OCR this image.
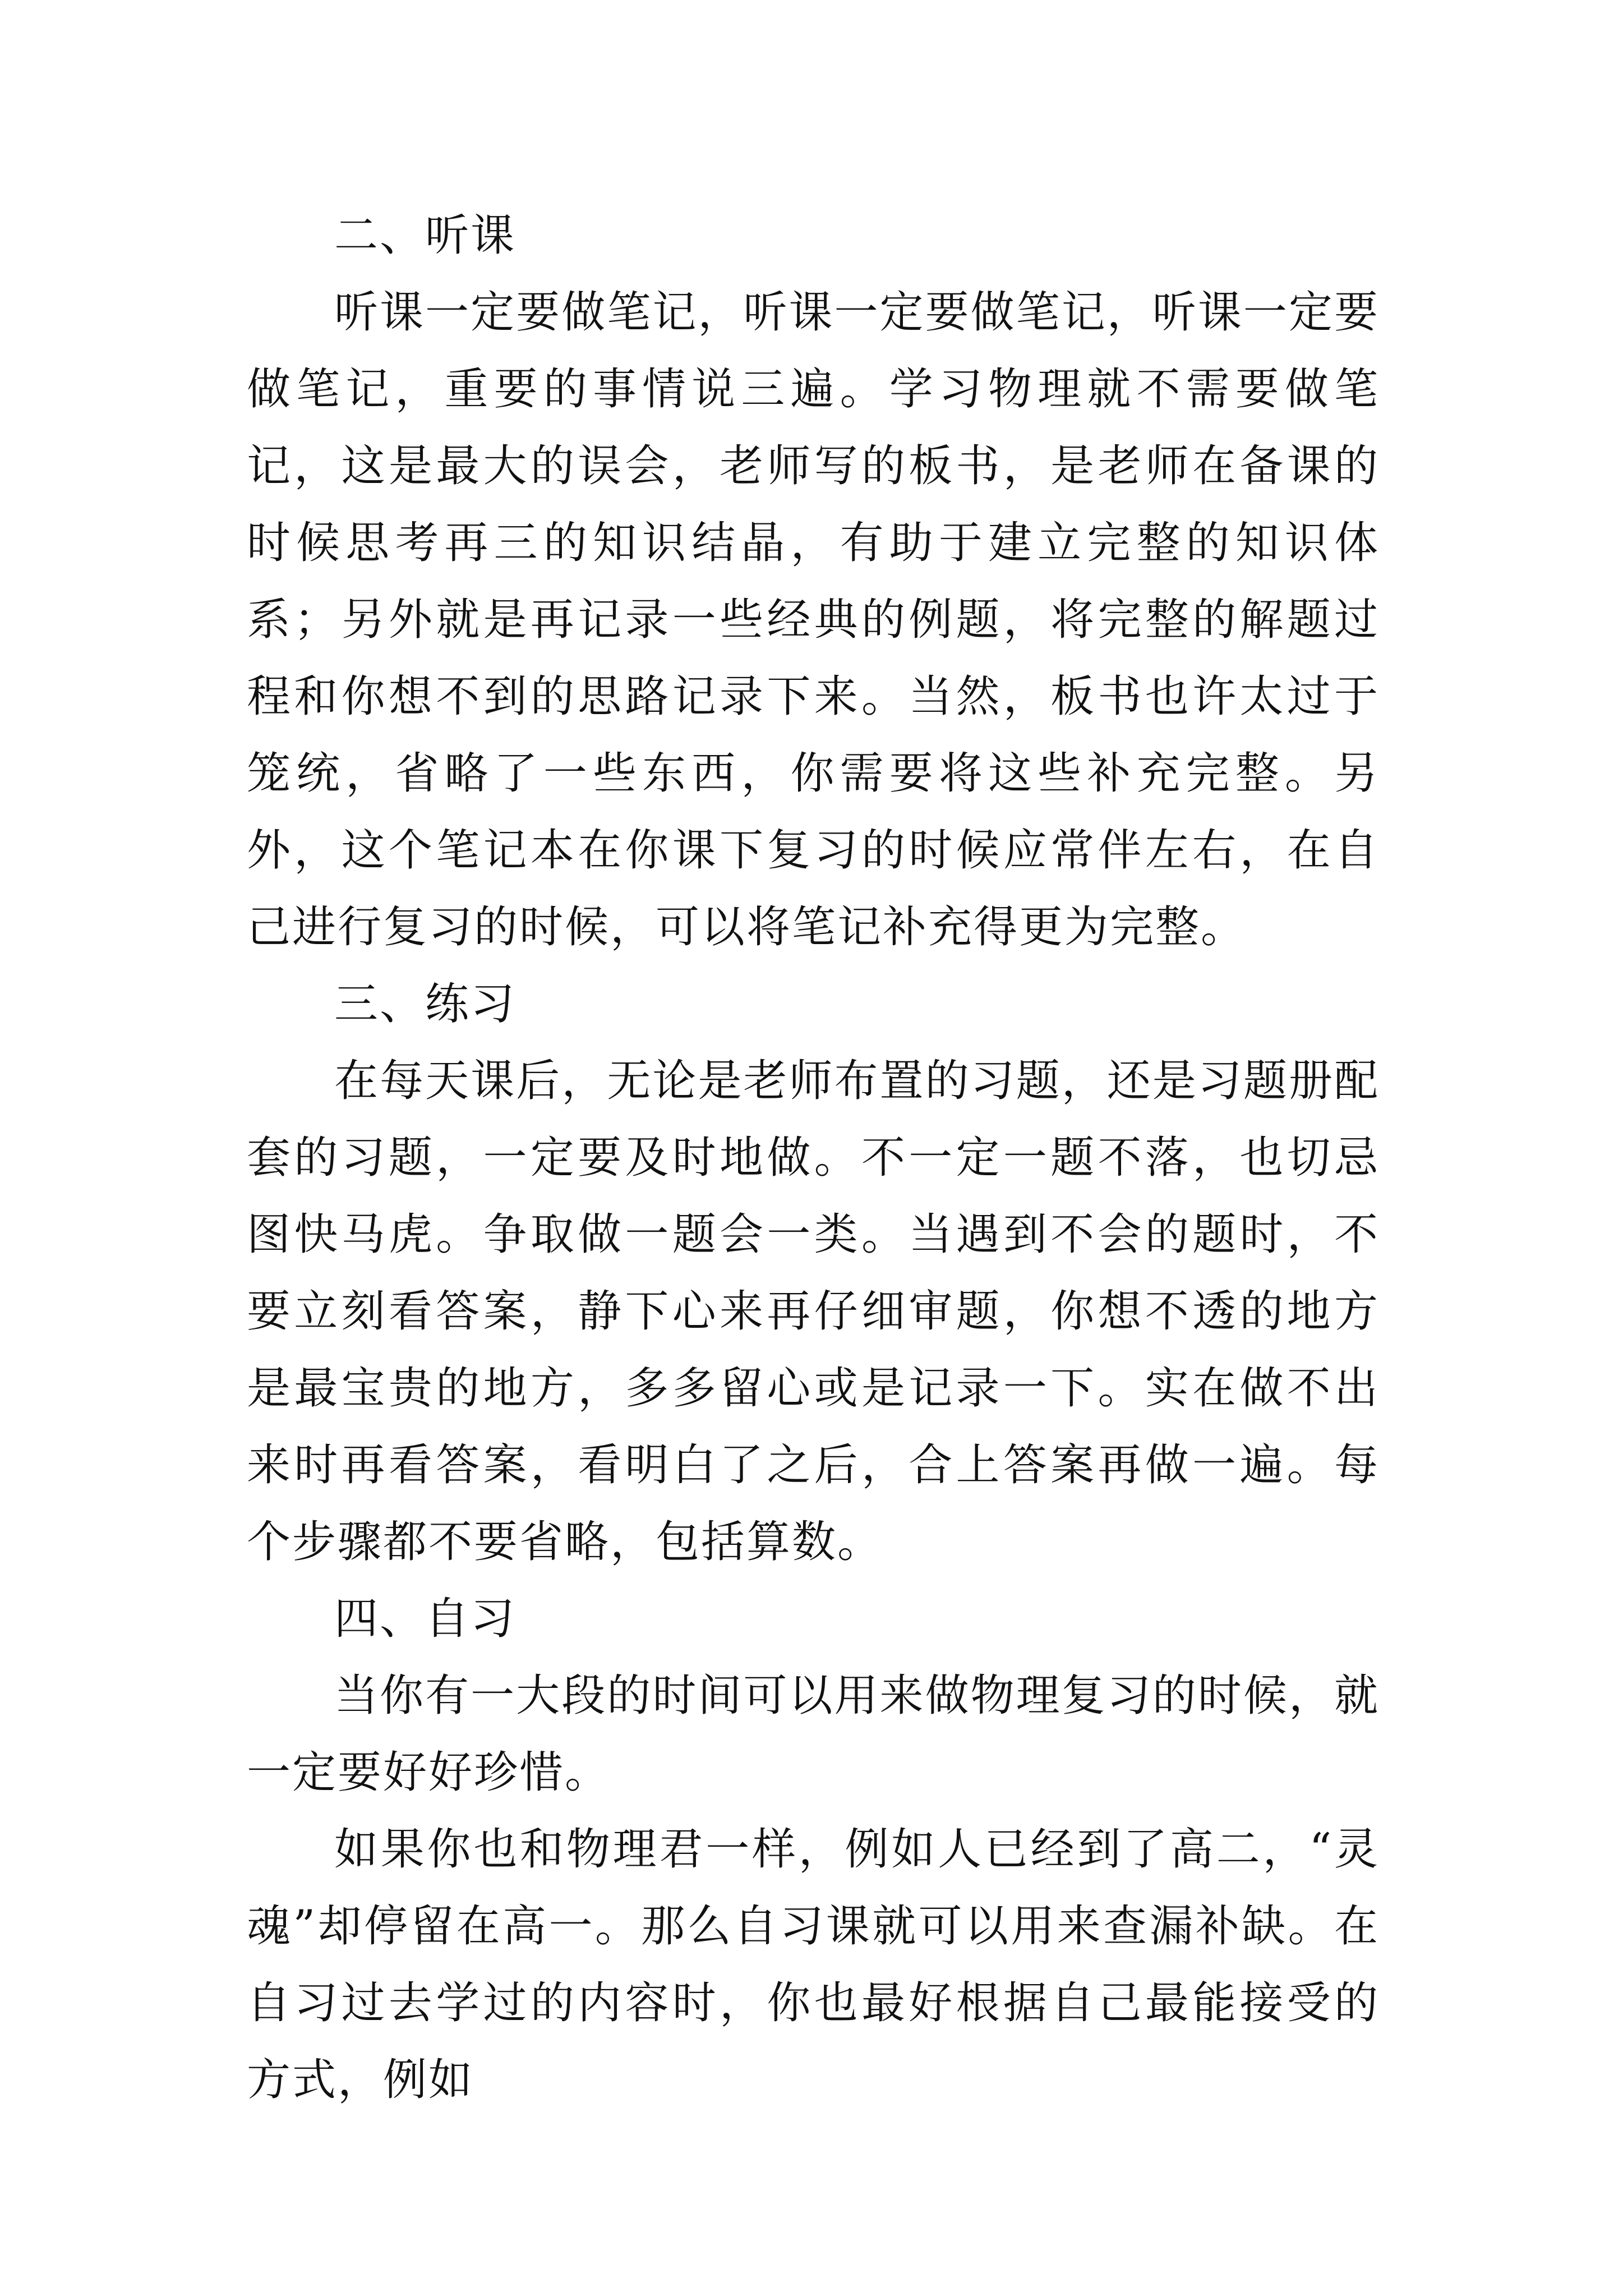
二、听课

听课一定要做笔记，听课一定要做笔记，听课一定要做笔记，重要的事情说三遍。学习物理就不需要做笔记，这是最大的误会，老师写的板书，是老师在备课的时候思考再三的知识结晶，有助于建立完整的知识体系；另外就是再记录一些经典的例题，将完整的解题过程和你想不到的思路记录下来。当然，板书也许太过于笼统，省略了一些东西，你需要将这些补充完整。另外，这个笔记本在你课下复习的时候应常伴左右，在自己进行复习的时候，可以将笔记补充得更为完整。

三、练习

在每天课后，无论是老师布置的习题，还是习题册配套的习题，一定要及时地做。不一定一题不落，也切忌图快马虎。争取做一题会一类。当遇到不会的题时，不要立刻看答案，静下心来再仔细审题，你想不透的地方是最宝贵的地方，多多留心或是记录一下。实在做不出来时再看答案，看明白了之后，合上答案再做一遍。每个步骤都不要省略，包括算数。

四、自习

当你有一大段的时间可以用来做物理复习的时候，就一定要好好珍惜。

如果你也和物理君一样，例如人已经到了高二，“灵魂”却停留在高一。那么自习课就可以用来查漏补缺。在自习过去学过的内容时，你也最好根据自己最能接受的方式，例如
